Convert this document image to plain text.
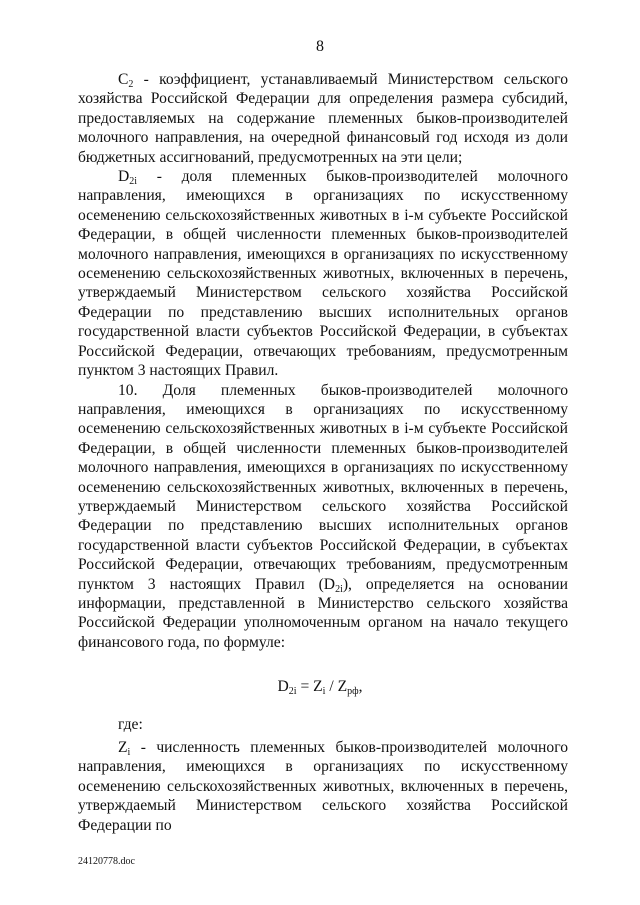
8

$C_2$ - коэффициент, устанавливаемый Министерством сельского хозяйства Российской Федерации для определения размера субсидий, предоставляемых на содержание племенных быков-производителей молочного направления, на очередной финансовый год исходя из доли бюджетных ассигнований, предусмотренных на эти цели;

$D_{2i}$ - доля племенных быков-производителей молочного направления, имеющихся в организациях по искусственному осеменению сельскохозяйственных животных в i-м субъекте Российской Федерации, в общей численности племенных быков-производителей молочного направления, имеющихся в организациях по искусственному осеменению сельскохозяйственных животных, включенных в перечень, утверждаемый Министерством сельского хозяйства Российской Федерации по представлению высших исполнительных органов государственной власти субъектов Российской Федерации, в субъектах Российской Федерации, отвечающих требованиям, предусмотренным пунктом 3 настоящих Правил.

10. Доля племенных быков-производителей молочного направления, имеющихся в организациях по искусственному осеменению сельскохозяйственных животных в i-м субъекте Российской Федерации, в общей численности племенных быков-производителей молочного направления, имеющихся в организациях по искусственному осеменению сельскохозяйственных животных, включенных в перечень, утверждаемый Министерством сельского хозяйства Российской Федерации по представлению высших исполнительных органов государственной власти субъектов Российской Федерации, в субъектах Российской Федерации, отвечающих требованиям, предусмотренным пунктом 3 настоящих Правил $(D_{2i})$, определяется на основании информации, представленной в Министерство сельского хозяйства Российской Федерации уполномоченным органом на начало текущего финансового года, по формуле:

$D_{2i} = Z_i / Z_{рф}$,
где:

$Z_i$ - численность племенных быков-производителей молочного направления, имеющихся в организациях по искусственному осеменению сельскохозяйственных животных, включенных в перечень, утверждаемый Министерством сельского хозяйства Российской Федерации по

24120778.doc
